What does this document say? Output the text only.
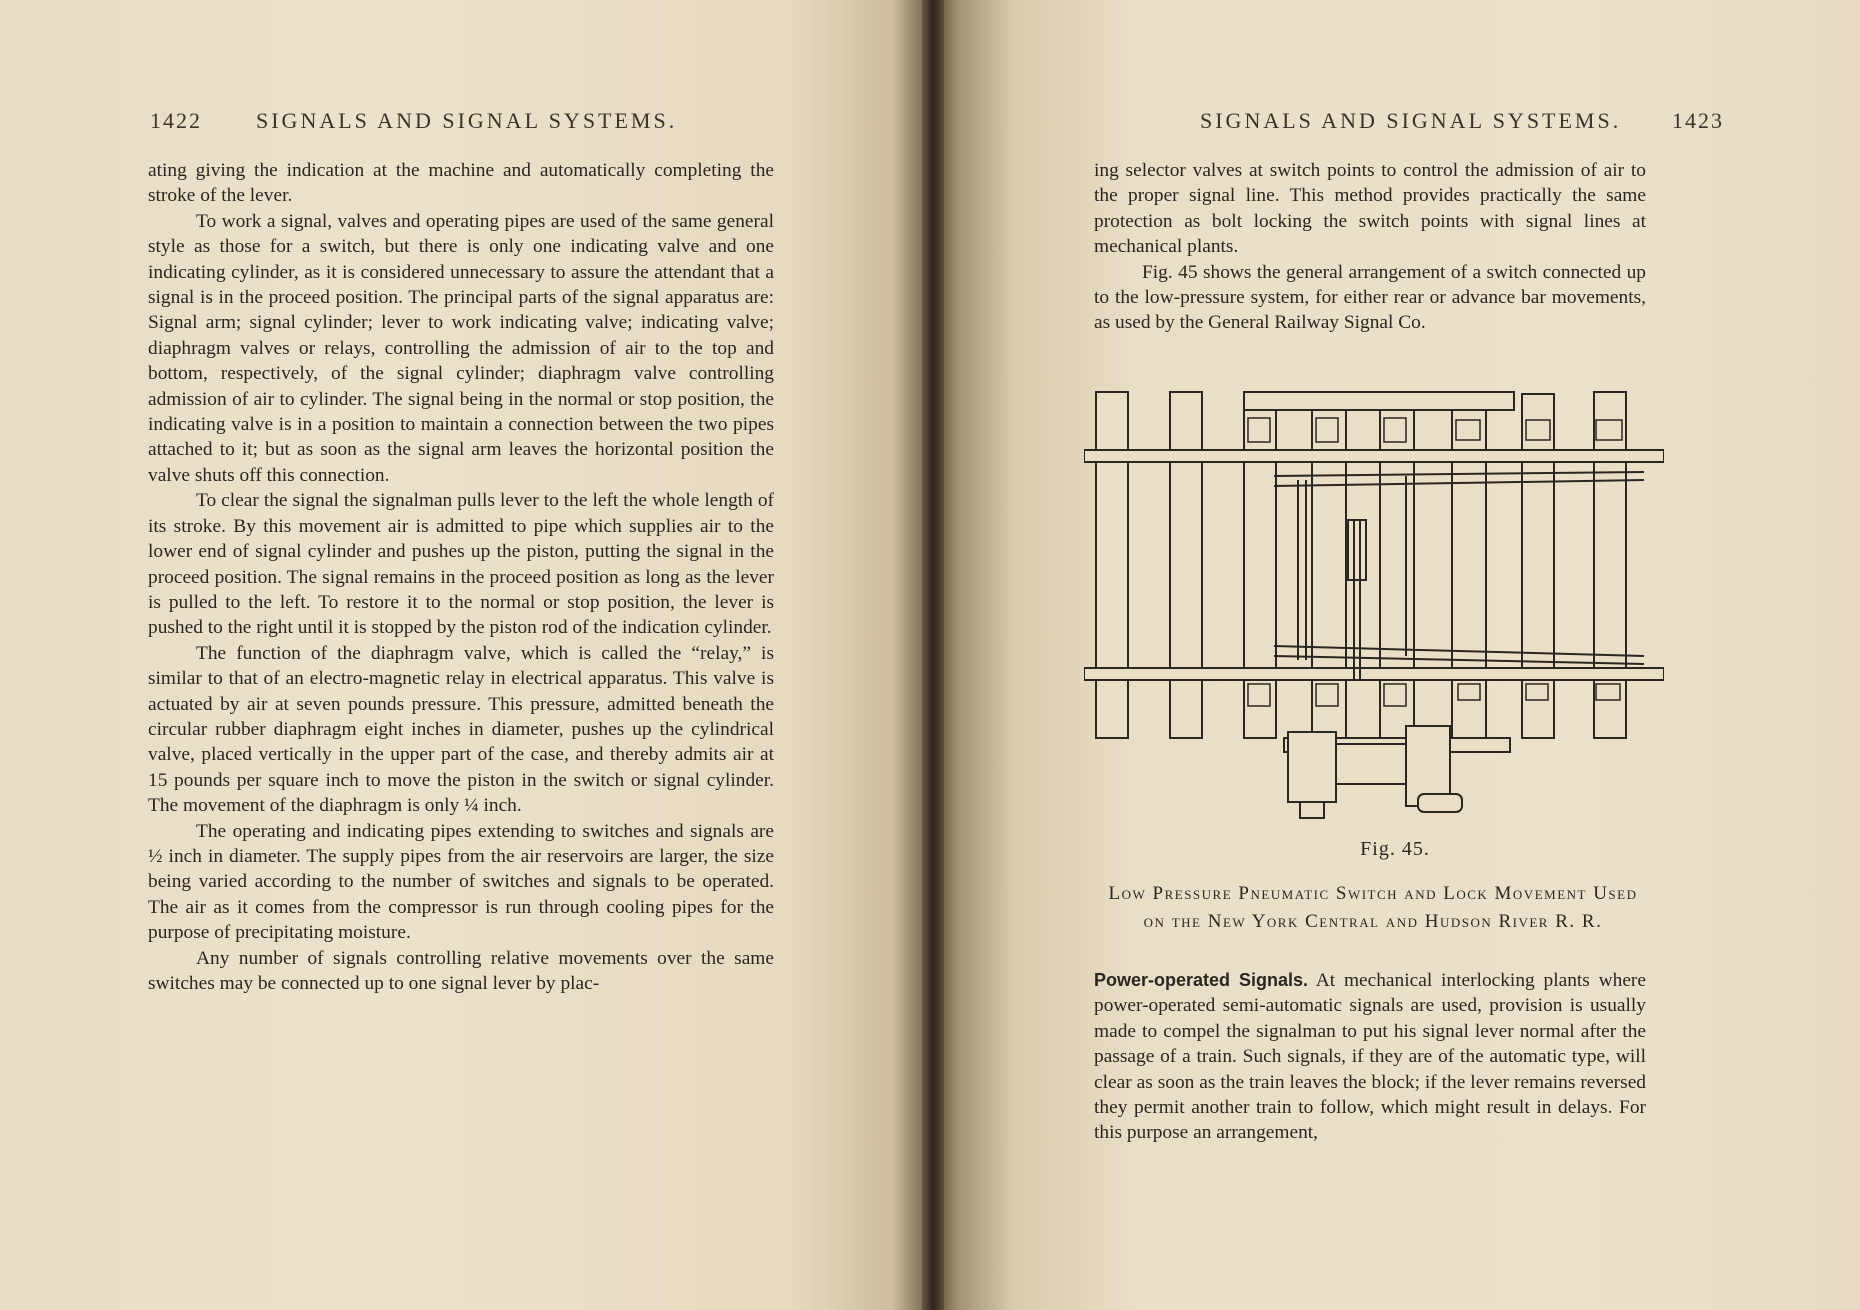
1422 SIGNALS AND SIGNAL SYSTEMS.

ating giving the indication at the machine and automatically completing the stroke of the lever.

To work a signal, valves and operating pipes are used of the same general style as those for a switch, but there is only one indicating valve and one indicating cylinder, as it is considered unnecessary to assure the attendant that a signal is in the proceed position. The principal parts of the signal apparatus are: Signal arm; signal cylinder; lever to work indicating valve; indicating valve; diaphragm valves or relays, controlling the admission of air to the top and bottom, respectively, of the signal cylinder; diaphragm valve controlling admission of air to cylinder. The signal being in the normal or stop position, the indicating valve is in a position to maintain a connection between the two pipes attached to it; but as soon as the signal arm leaves the horizontal position the valve shuts off this connection.

To clear the signal the signalman pulls lever to the left the whole length of its stroke. By this movement air is admitted to pipe which supplies air to the lower end of signal cylinder and pushes up the piston, putting the signal in the proceed position. The signal remains in the proceed position as long as the lever is pulled to the left. To restore it to the normal or stop position, the lever is pushed to the right until it is stopped by the piston rod of the indication cylinder.

The function of the diaphragm valve, which is called the “relay,” is similar to that of an electro-magnetic relay in electrical apparatus. This valve is actuated by air at seven pounds pressure. This pressure, admitted beneath the circular rubber diaphragm eight inches in diameter, pushes up the cylindrical valve, placed vertically in the upper part of the case, and thereby admits air at 15 pounds per square inch to move the piston in the switch or signal cylinder. The movement of the diaphragm is only ¼ inch.

The operating and indicating pipes extending to switches and signals are ½ inch in diameter. The supply pipes from the air reservoirs are larger, the size being varied according to the number of switches and signals to be operated. The air as it comes from the compressor is run through cooling pipes for the purpose of precipitating moisture.

Any number of signals controlling relative movements over the same switches may be connected up to one signal lever by plac-

SIGNALS AND SIGNAL SYSTEMS. 1423

ing selector valves at switch points to control the admission of air to the proper signal line. This method provides practically the same protection as bolt locking the switch points with signal lines at mechanical plants.

Fig. 45 shows the general arrangement of a switch connected up to the low-pressure system, for either rear or advance bar movements, as used by the General Railway Signal Co.

Fig. 45.
Low Pressure Pneumatic Switch and Lock Movement Used
on the New York Central and Hudson River R. R.

Power-operated Signals. At mechanical interlocking plants where power-operated semi-automatic signals are used, provision is usually made to compel the signalman to put his signal lever normal after the passage of a train. Such signals, if they are of the automatic type, will clear as soon as the train leaves the block; if the lever remains reversed they permit another train to follow, which might result in delays. For this purpose an arrangement,
